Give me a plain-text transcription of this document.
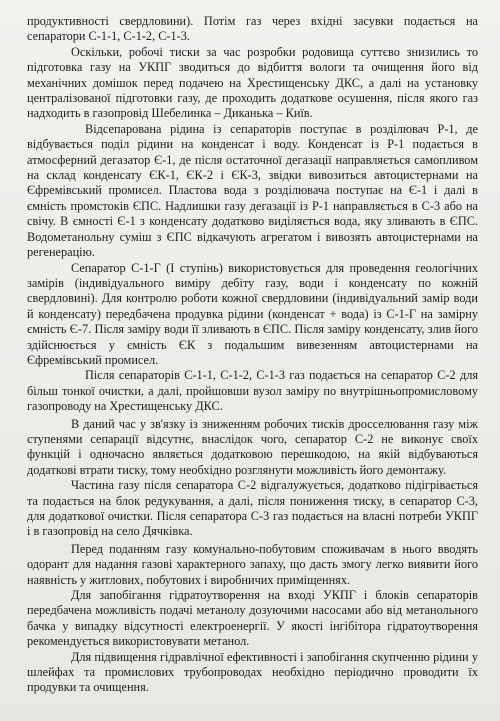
продуктивності свердловини). Потім газ через вхідні засувки подається на сепаратори С-1-1, С-1-2, С-1-3.

Оскільки, робочі тиски за час розробки родовища суттєво знизились то підготовка газу на УКПГ зводиться до відбиття вологи та очищення його від механічних домішок перед подачею на Хрестищенську ДКС, а далі на установку централізованої підготовки газу, де проходить додаткове осушення, після якого газ надходить в газопровід Шебелинка – Диканька – Київ.

Відсепарована рідина із сепараторів поступає в розділювач Р-1, де відбувається поділ рідини на конденсат і воду. Конденсат із Р-1 подається в атмосферний дегазатор Є-1, де після остаточної дегазації направляється самопливом на склад конденсату ЄК-1, ЄК-2 і ЄК-3, звідки вивозиться автоцистернами на Єфремівський промисел. Пластова вода з розділювача поступає на Є-1 і далі в ємність промстоків ЄПС. Надлишки газу дегазації із Р-1 направляється в С-3 або на свічу. В ємності Є-1 з конденсату додатково виділяється вода, яку зливають в ЄПС. Водометанольну суміш з ЄПС відкачують агрегатом і вивозять автоцистернами на регенерацію.

Сепаратор С-1-Г (І ступінь) використовується для проведення геологічних замірів (індивідуального виміру дебіту газу, води і конденсату по кожній свердловині). Для контролю роботи кожної свердловини (індивідуальний замір води й конденсату) передбачена продувка рідини (конденсат + вода) із С-1-Г на замірну ємність Є-7. Після заміру води її зливають в ЄПС. Після заміру конденсату, злив його здійснюється у ємність ЄК з подальшим вивезенням автоцистернами на Єфремівський промисел.

Після сепараторів С-1-1, С-1-2, С-1-3 газ подається на сепаратор С-2 для більш тонкої очистки, а далі, пройшовши вузол заміру по внутрішньопромисловому газопроводу на Хрестищенську ДКС.

В даний час у зв'язку із зниженням робочих тисків дросселювання газу між ступенями сепарації відсутнє, внаслідок чого, сепаратор С-2 не виконує своїх функцій і одночасно являється додатковою перешкодою, на якій відбуваються додаткові втрати тиску, тому необхідно розглянути можливість його демонтажу.

Частина газу після сепаратора С-2 відгалужується, додатково підігрівається та подається на блок редукування, а далі, після пониження тиску, в сепаратор С-3, для додаткової очистки. Після сепаратора С-3 газ подається на власні потреби УКПГ і в газопровід на село Дячківка.

Перед поданням газу комунально-побутовим споживачам в нього вводять одорант для надання газові характерного запаху, що дасть змогу легко виявити його наявність у житлових, побутових і виробничих приміщеннях.

Для запобігання гідратоутворення на вході УКПГ і блоків сепараторів передбачена можливість подачі метанолу дозуючими насосами або від метанольного бачка у випадку відсутності електроенергії. У якості інгібітора гідратоутворення рекомендується використовувати метанол.

Для підвищення гідравлічної ефективності і запобігання скупченню рідини у шлейфах та промислових трубопроводах необхідно періодично проводити їх продувки та очищення.
